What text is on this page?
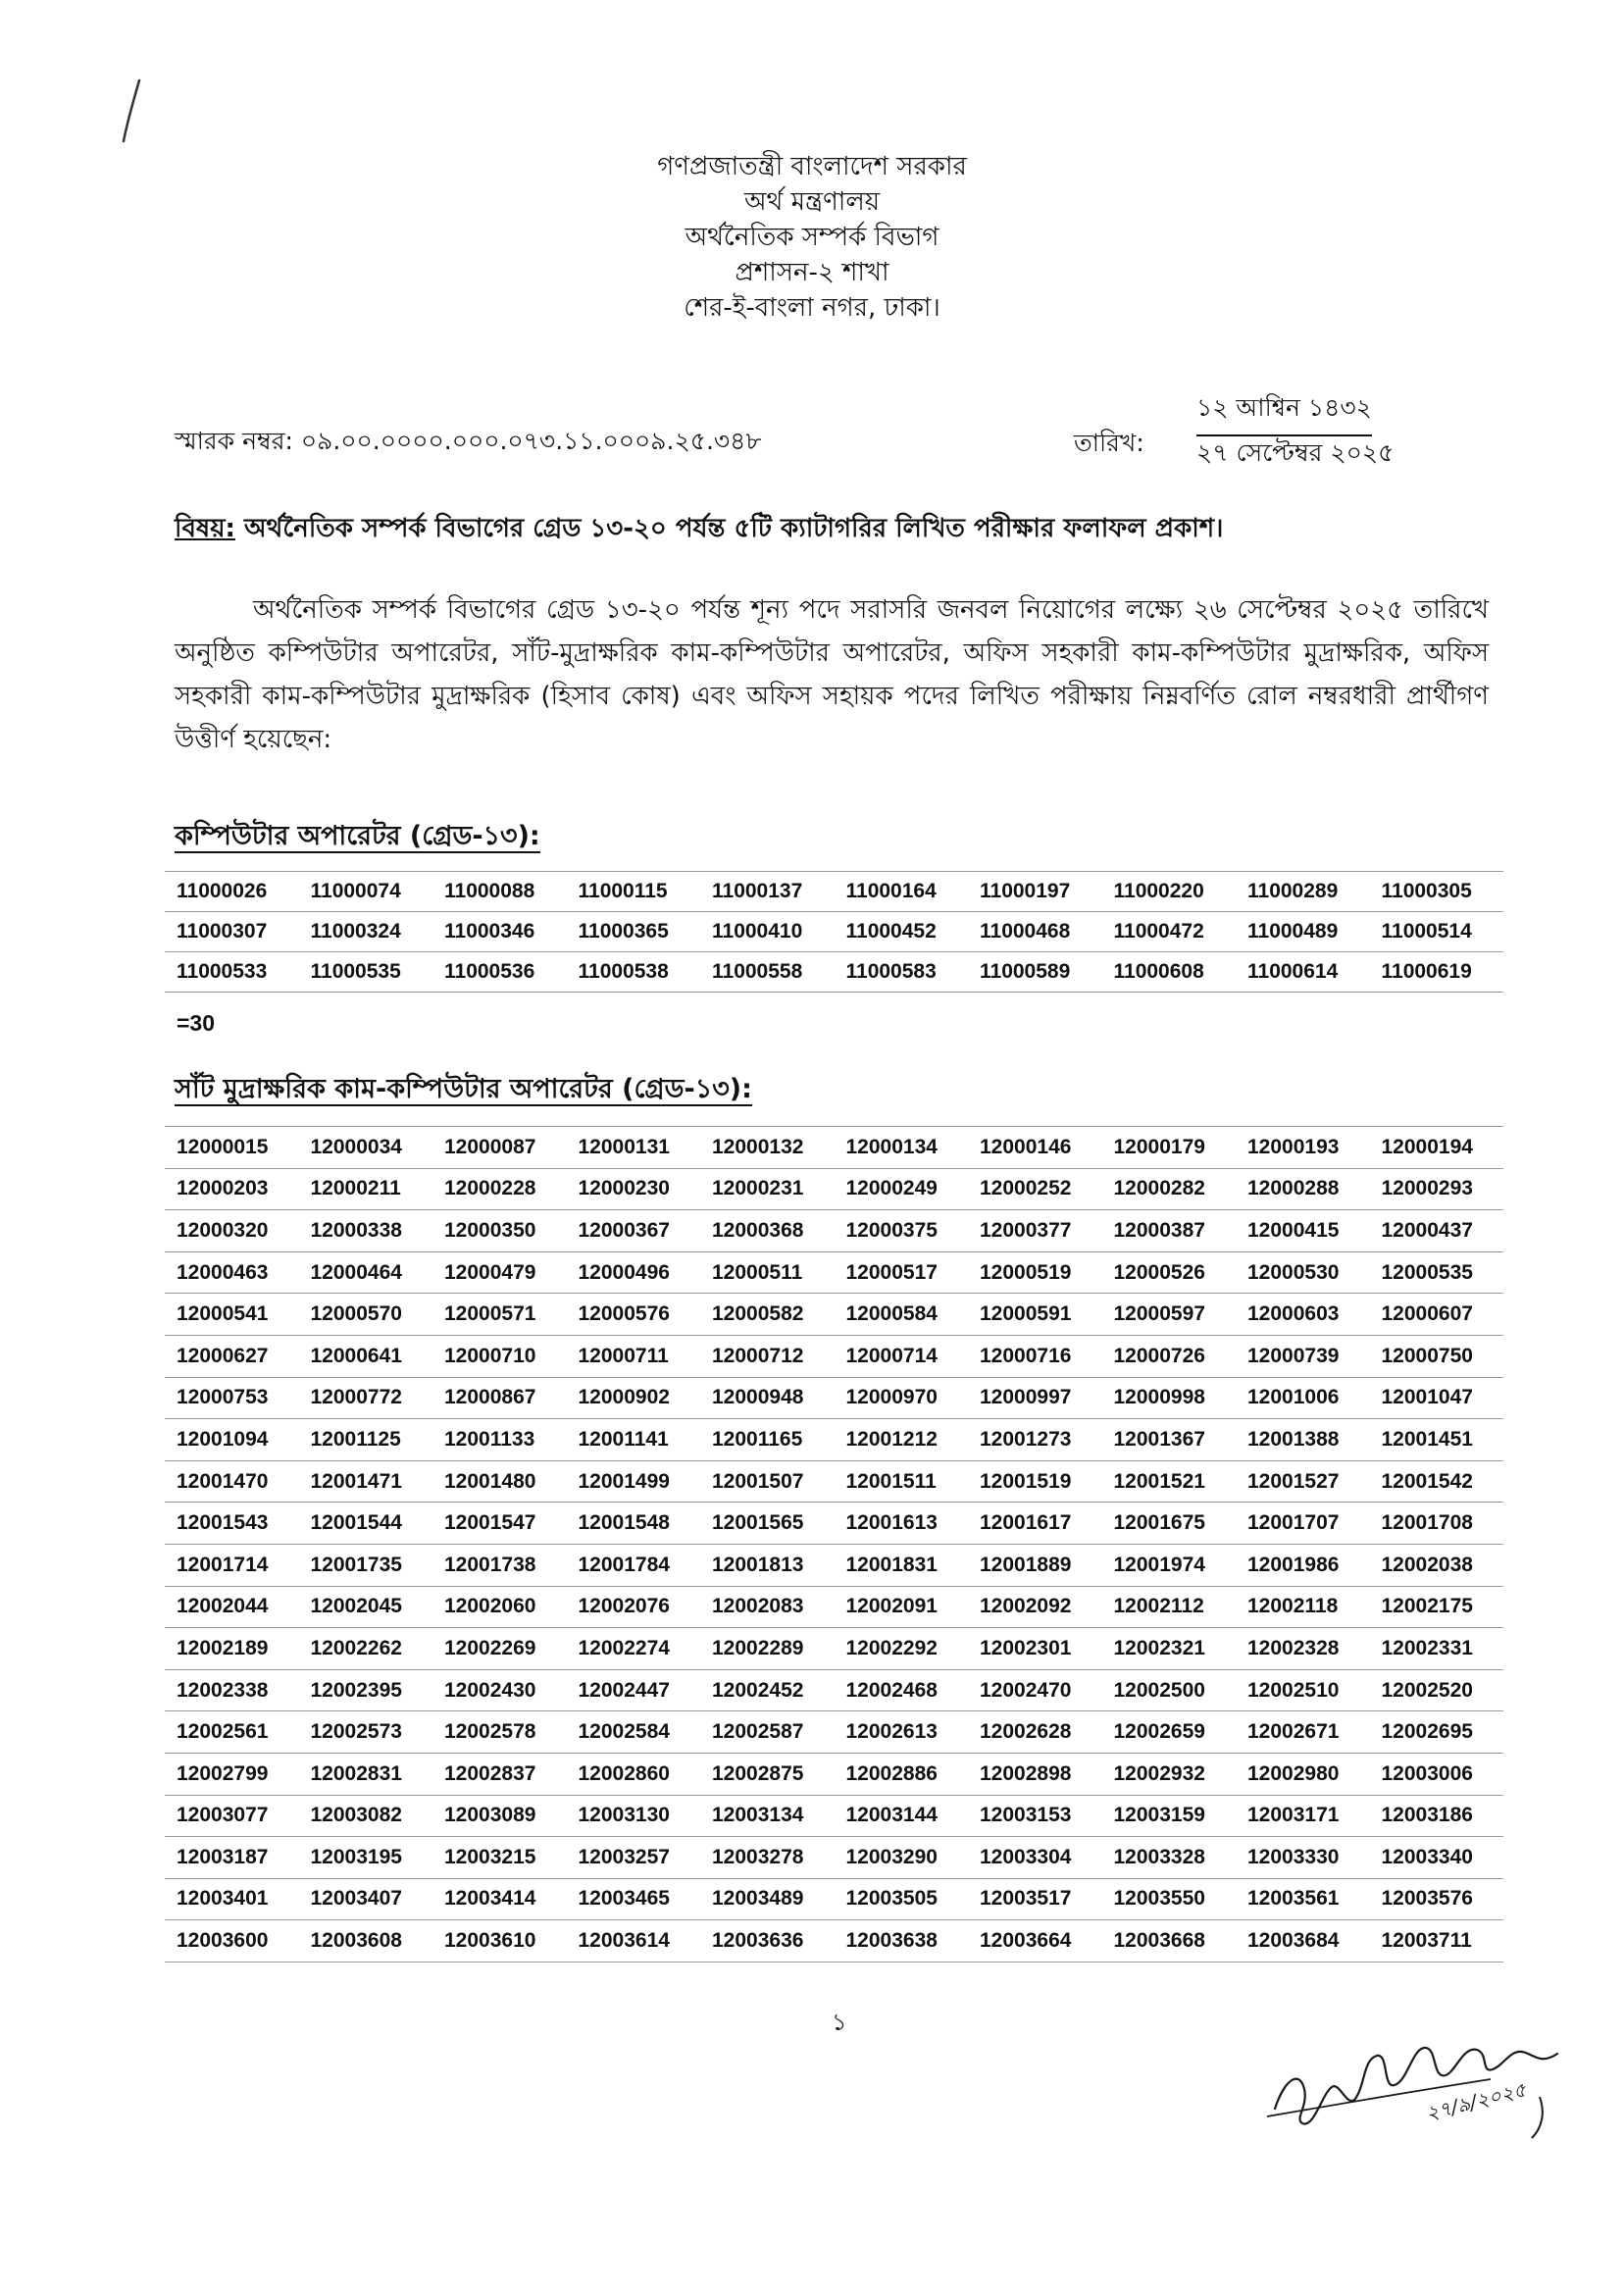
গণপ্রজাতন্ত্রী বাংলাদেশ সরকার
অর্থ মন্ত্রণালয়
অর্থনৈতিক সম্পর্ক বিভাগ
প্রশাসন-২ শাখা
শের-ই-বাংলা নগর, ঢাকা।
স্মারক নম্বর: ০৯.০০.০০০০.০০০.০৭৩.১১.০০০৯.২৫.৩৪৮	তারিখ:
১২ আশ্বিন ১৪৩২
২৭ সেপ্টেম্বর ২০২৫
বিষয়: অর্থনৈতিক সম্পর্ক বিভাগের গ্রেড ১৩-২০ পর্যন্ত ৫টি ক্যাটাগরির লিখিত পরীক্ষার ফলাফল প্রকাশ।
অর্থনৈতিক সম্পর্ক বিভাগের গ্রেড ১৩-২০ পর্যন্ত শূন্য পদে সরাসরি জনবল নিয়োগের লক্ষ্যে ২৬ সেপ্টেম্বর ২০২৫ তারিখে অনুষ্ঠিত কম্পিউটার অপারেটর, সাঁট-মুদ্রাক্ষরিক কাম-কম্পিউটার অপারেটর, অফিস সহকারী কাম-কম্পিউটার মুদ্রাক্ষরিক, অফিস সহকারী কাম-কম্পিউটার মুদ্রাক্ষরিক (হিসাব কোষ) এবং অফিস সহায়ক পদের লিখিত পরীক্ষায় নিম্নবর্ণিত রোল নম্বরধারী প্রার্থীগণ উত্তীর্ণ হয়েছেন:
কম্পিউটার অপারেটর (গ্রেড-১৩):
11000026	11000074	11000088	11000115	11000137	11000164	11000197	11000220	11000289	11000305
11000307	11000324	11000346	11000365	11000410	11000452	11000468	11000472	11000489	11000514
11000533	11000535	11000536	11000538	11000558	11000583	11000589	11000608	11000614	11000619
=30
সাঁট মুদ্রাক্ষরিক কাম-কম্পিউটার অপারেটর (গ্রেড-১৩):
12000015	12000034	12000087	12000131	12000132	12000134	12000146	12000179	12000193	12000194
12000203	12000211	12000228	12000230	12000231	12000249	12000252	12000282	12000288	12000293
12000320	12000338	12000350	12000367	12000368	12000375	12000377	12000387	12000415	12000437
12000463	12000464	12000479	12000496	12000511	12000517	12000519	12000526	12000530	12000535
12000541	12000570	12000571	12000576	12000582	12000584	12000591	12000597	12000603	12000607
12000627	12000641	12000710	12000711	12000712	12000714	12000716	12000726	12000739	12000750
12000753	12000772	12000867	12000902	12000948	12000970	12000997	12000998	12001006	12001047
12001094	12001125	12001133	12001141	12001165	12001212	12001273	12001367	12001388	12001451
12001470	12001471	12001480	12001499	12001507	12001511	12001519	12001521	12001527	12001542
12001543	12001544	12001547	12001548	12001565	12001613	12001617	12001675	12001707	12001708
12001714	12001735	12001738	12001784	12001813	12001831	12001889	12001974	12001986	12002038
12002044	12002045	12002060	12002076	12002083	12002091	12002092	12002112	12002118	12002175
12002189	12002262	12002269	12002274	12002289	12002292	12002301	12002321	12002328	12002331
12002338	12002395	12002430	12002447	12002452	12002468	12002470	12002500	12002510	12002520
12002561	12002573	12002578	12002584	12002587	12002613	12002628	12002659	12002671	12002695
12002799	12002831	12002837	12002860	12002875	12002886	12002898	12002932	12002980	12003006
12003077	12003082	12003089	12003130	12003134	12003144	12003153	12003159	12003171	12003186
12003187	12003195	12003215	12003257	12003278	12003290	12003304	12003328	12003330	12003340
12003401	12003407	12003414	12003465	12003489	12003505	12003517	12003550	12003561	12003576
12003600	12003608	12003610	12003614	12003636	12003638	12003664	12003668	12003684	12003711
১
২৭/৯/২০২৫
